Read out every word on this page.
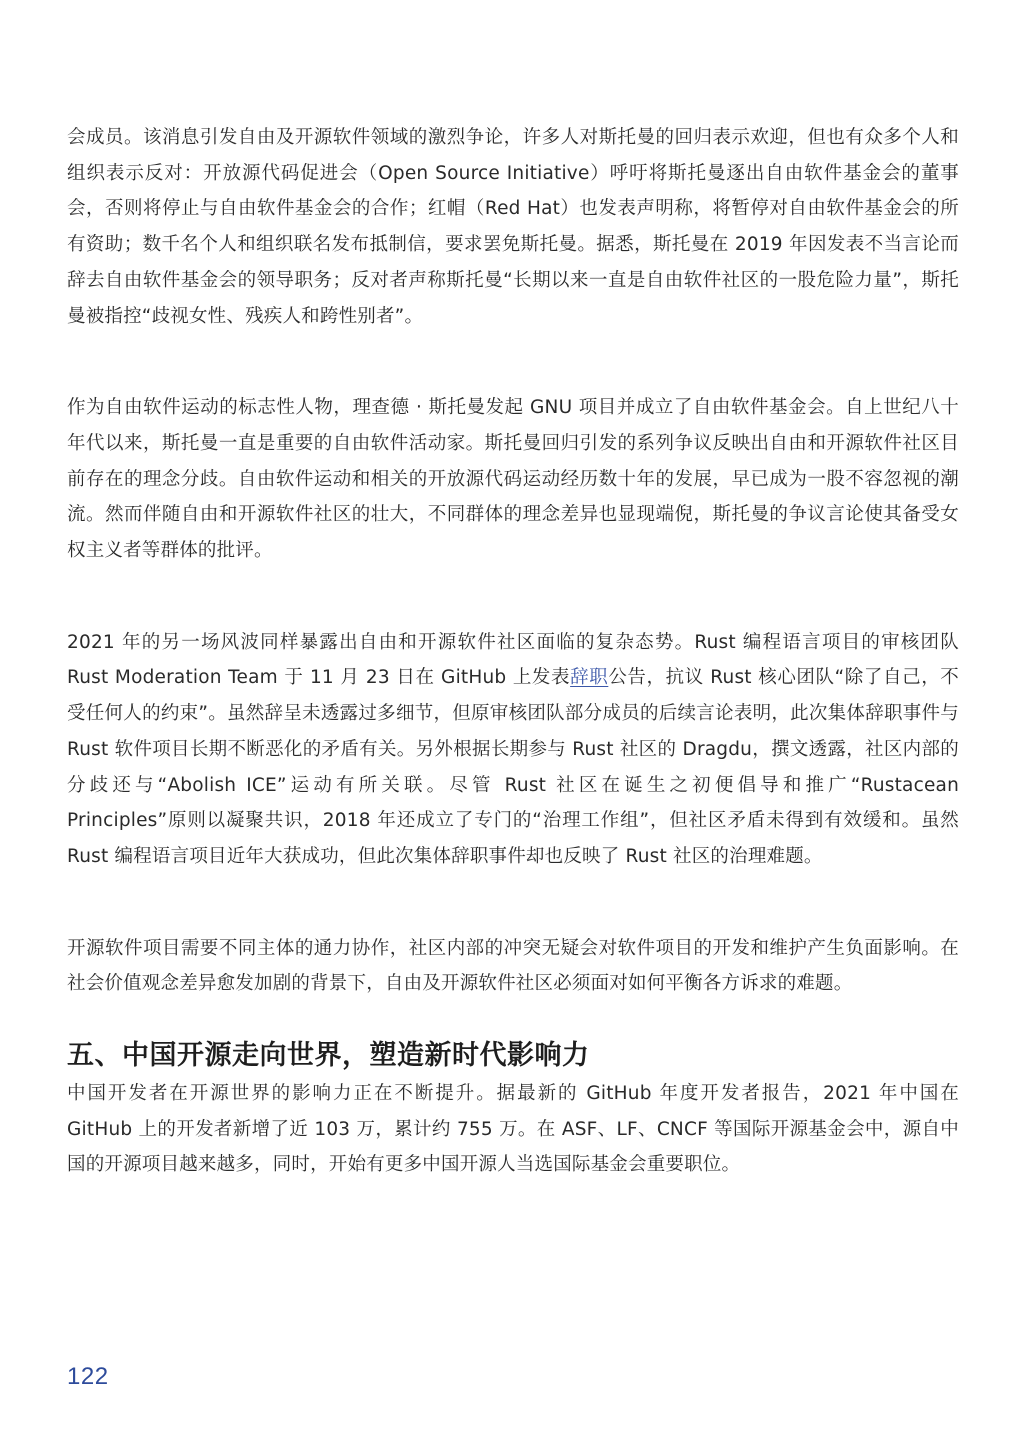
会成员。该消息引发自由及开源软件领域的激烈争论，许多人对斯托曼的回归表示欢迎，但也有众多个人和组织表示反对：开放源代码促进会（Open Source Initiative）呼吁将斯托曼逐出自由软件基金会的董事会，否则将停止与自由软件基金会的合作；红帽（Red Hat）也发表声明称，将暂停对自由软件基金会的所有资助；数千名个人和组织联名发布抵制信，要求罢免斯托曼。据悉，斯托曼在 2019 年因发表不当言论而辞去自由软件基金会的领导职务；反对者声称斯托曼“长期以来一直是自由软件社区的一股危险力量”，斯托曼被指控“歧视女性、残疾人和跨性别者”。

作为自由软件运动的标志性人物，理查德 · 斯托曼发起 GNU 项目并成立了自由软件基金会。自上世纪八十年代以来，斯托曼一直是重要的自由软件活动家。斯托曼回归引发的系列争议反映出自由和开源软件社区目前存在的理念分歧。自由软件运动和相关的开放源代码运动经历数十年的发展，早已成为一股不容忽视的潮流。然而伴随自由和开源软件社区的壮大，不同群体的理念差异也显现端倪，斯托曼的争议言论使其备受女权主义者等群体的批评。

2021 年的另一场风波同样暴露出自由和开源软件社区面临的复杂态势。Rust 编程语言项目的审核团队 Rust Moderation Team 于 11 月 23 日在 GitHub 上发表辞职公告，抗议 Rust 核心团队“除了自己，不受任何人的约束”。虽然辞呈未透露过多细节，但原审核团队部分成员的后续言论表明，此次集体辞职事件与 Rust 软件项目长期不断恶化的矛盾有关。另外根据长期参与 Rust 社区的 Dragdu，撰文透露，社区内部的分歧还与“Abolish ICE”运动有所关联。尽管 Rust 社区在诞生之初便倡导和推广“Rustacean Principles”原则以凝聚共识，2018 年还成立了专门的“治理工作组”，但社区矛盾未得到有效缓和。虽然 Rust 编程语言项目近年大获成功，但此次集体辞职事件却也反映了 Rust 社区的治理难题。

开源软件项目需要不同主体的通力协作，社区内部的冲突无疑会对软件项目的开发和维护产生负面影响。在社会价值观念差异愈发加剧的背景下，自由及开源软件社区必须面对如何平衡各方诉求的难题。

五、中国开源走向世界，塑造新时代影响力

中国开发者在开源世界的影响力正在不断提升。据最新的 GitHub 年度开发者报告，2021 年中国在 GitHub 上的开发者新增了近 103 万，累计约 755 万。在 ASF、LF、CNCF 等国际开源基金会中，源自中国的开源项目越来越多，同时，开始有更多中国开源人当选国际基金会重要职位。

122
